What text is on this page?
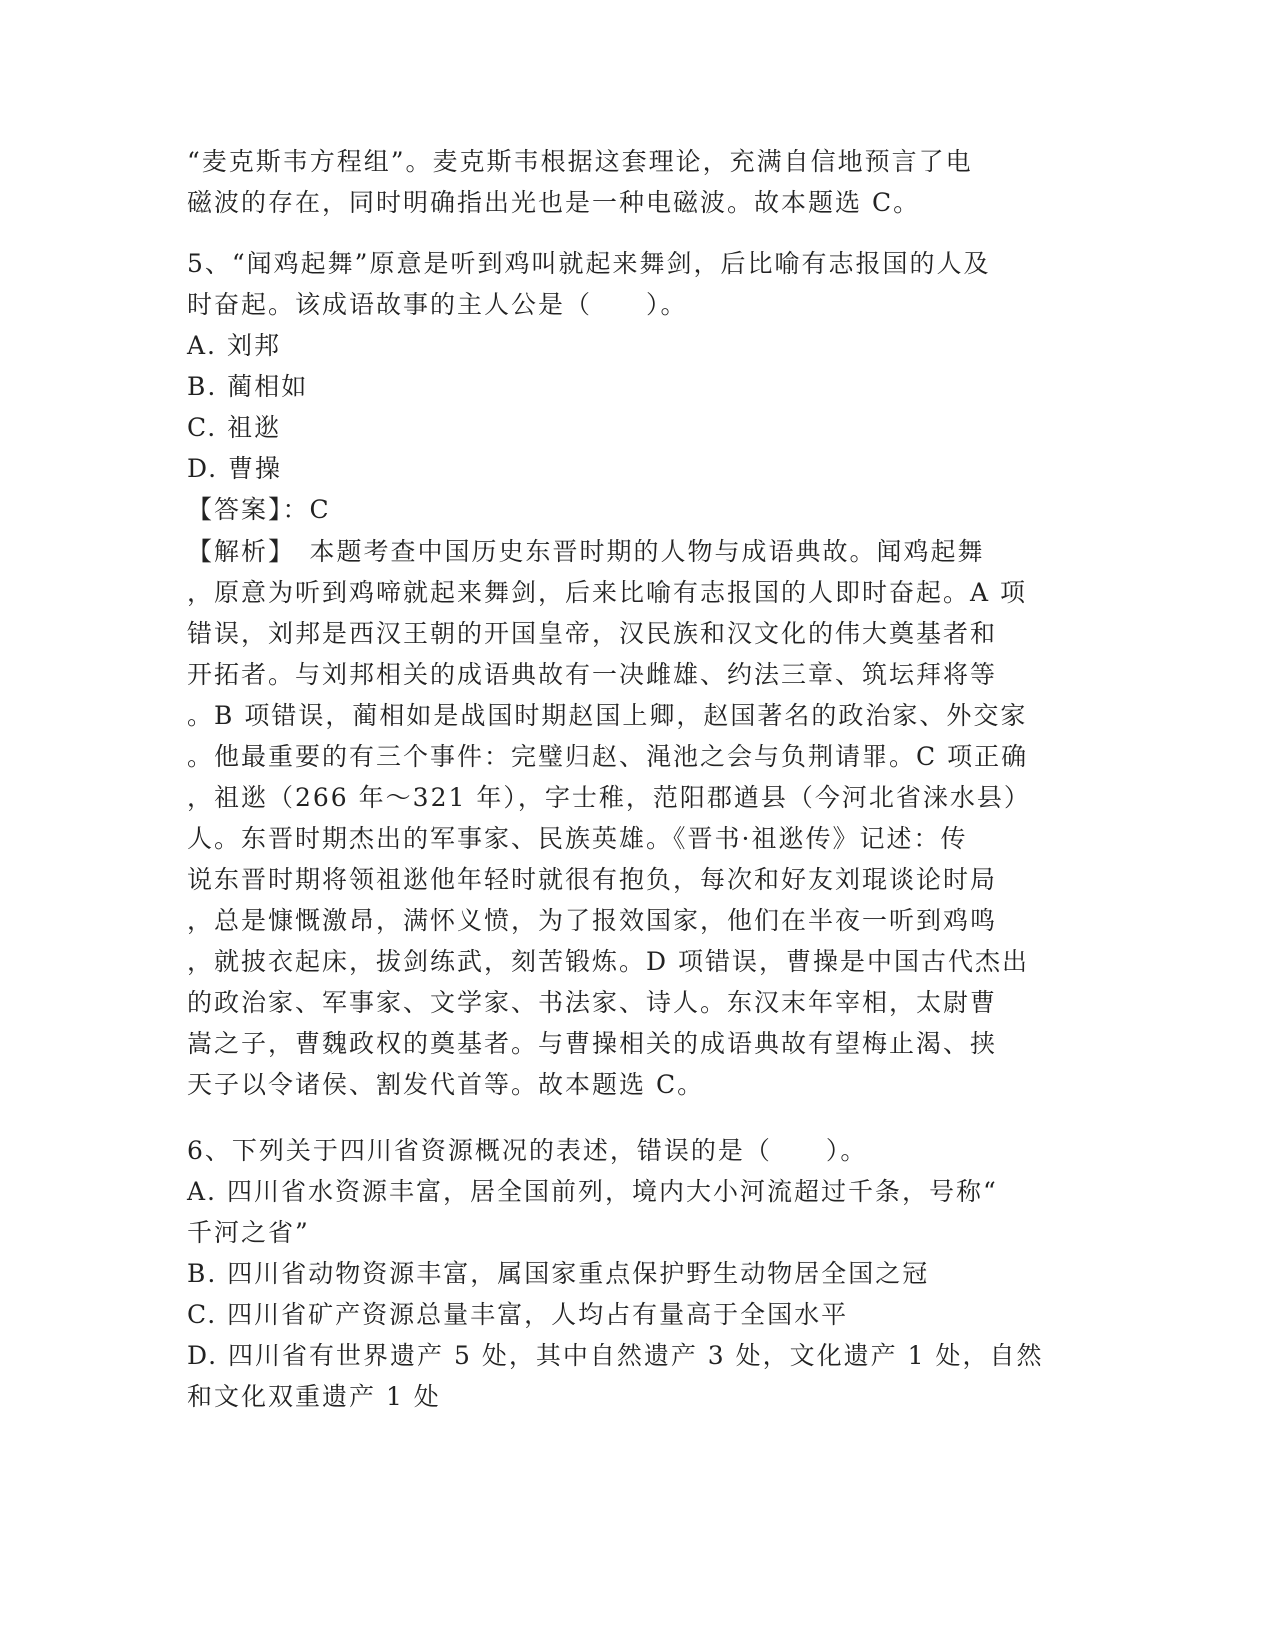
“麦克斯韦方程组”。麦克斯韦根据这套理论，充满自信地预言了电
磁波的存在，同时明确指出光也是一种电磁波。故本题选 C。
5、“闻鸡起舞”原意是听到鸡叫就起来舞剑，后比喻有志报国的人及
时奋起。该成语故事的主人公是（　　）。
A. 刘邦
B. 蔺相如
C. 祖逖
D. 曹操
【答案】：C
【解析】　本题考查中国历史东晋时期的人物与成语典故。闻鸡起舞
，原意为听到鸡啼就起来舞剑，后来比喻有志报国的人即时奋起。A 项
错误，刘邦是西汉王朝的开国皇帝，汉民族和汉文化的伟大奠基者和
开拓者。与刘邦相关的成语典故有一决雌雄、约法三章、筑坛拜将等
。B 项错误，蔺相如是战国时期赵国上卿，赵国著名的政治家、外交家
。他最重要的有三个事件：完璧归赵、渑池之会与负荆请罪。C 项正确
，祖逖（266 年～321 年），字士稚，范阳郡遒县（今河北省涞水县）
人。东晋时期杰出的军事家、民族英雄。《晋书·祖逖传》记述：传
说东晋时期将领祖逖他年轻时就很有抱负，每次和好友刘琨谈论时局
，总是慷慨激昂，满怀义愤，为了报效国家，他们在半夜一听到鸡鸣
，就披衣起床，拔剑练武，刻苦锻炼。D 项错误，曹操是中国古代杰出
的政治家、军事家、文学家、书法家、诗人。东汉末年宰相，太尉曹
嵩之子，曹魏政权的奠基者。与曹操相关的成语典故有望梅止渴、挟
天子以令诸侯、割发代首等。故本题选 C。
6、下列关于四川省资源概况的表述，错误的是（　　）。
A. 四川省水资源丰富，居全国前列，境内大小河流超过千条，号称“
千河之省”
B. 四川省动物资源丰富，属国家重点保护野生动物居全国之冠
C. 四川省矿产资源总量丰富，人均占有量高于全国水平
D. 四川省有世界遗产 5 处，其中自然遗产 3 处，文化遗产 1 处，自然
和文化双重遗产 1 处
